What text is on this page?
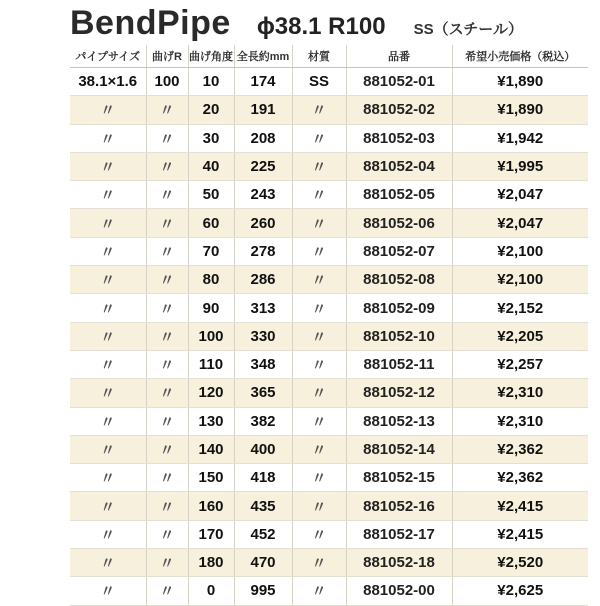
BendPipe ϕ38.1 R100 SS（スチール）
パイプサイズ	曲げR	曲げ角度	全長約mm	材質	品番	希望小売価格（税込）
38.1×1.6	100	10	174	SS	881052-01	¥1,890
〃	〃	20	191	〃	881052-02	¥1,890
〃	〃	30	208	〃	881052-03	¥1,942
〃	〃	40	225	〃	881052-04	¥1,995
〃	〃	50	243	〃	881052-05	¥2,047
〃	〃	60	260	〃	881052-06	¥2,047
〃	〃	70	278	〃	881052-07	¥2,100
〃	〃	80	286	〃	881052-08	¥2,100
〃	〃	90	313	〃	881052-09	¥2,152
〃	〃	100	330	〃	881052-10	¥2,205
〃	〃	110	348	〃	881052-11	¥2,257
〃	〃	120	365	〃	881052-12	¥2,310
〃	〃	130	382	〃	881052-13	¥2,310
〃	〃	140	400	〃	881052-14	¥2,362
〃	〃	150	418	〃	881052-15	¥2,362
〃	〃	160	435	〃	881052-16	¥2,415
〃	〃	170	452	〃	881052-17	¥2,415
〃	〃	180	470	〃	881052-18	¥2,520
〃	〃	0	995	〃	881052-00	¥2,625
